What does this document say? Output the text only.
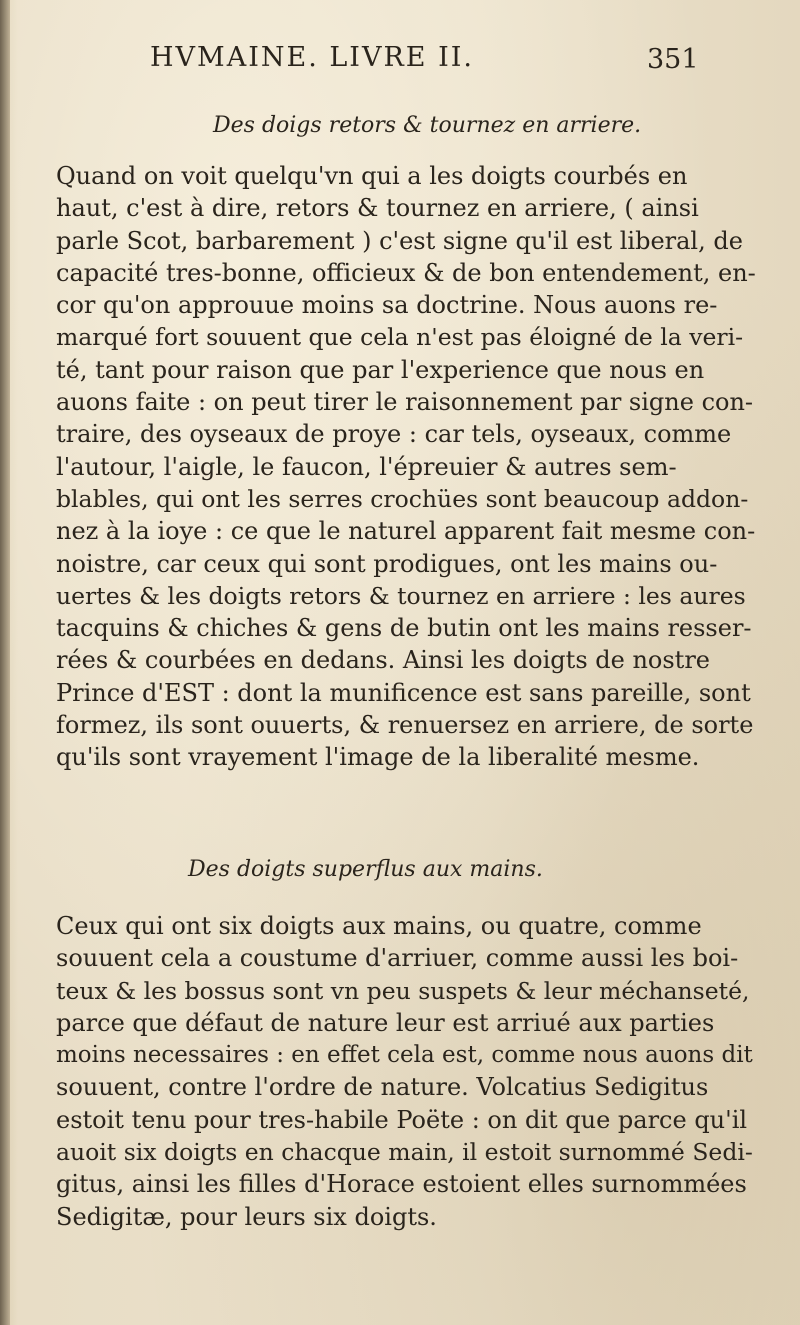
HVMAINE. LIVRE II.	351
Des doigs retors & tournez en arriere.
Quand on voit quelqu'vn qui a les doigts courbés en
haut, c'est à dire, retors & tournez en arriere, ( ainsi
parle Scot, barbarement ) c'est signe qu'il est liberal, de
capacité tres-bonne, officieux & de bon entendement, en-
cor qu'on approuue moins sa doctrine. Nous auons re-
marqué fort souuent que cela n'est pas éloigné de la veri-
té, tant pour raison que par l'experience que nous en
auons faite : on peut tirer le raisonnement par signe con-
traire, des oyseaux de proye : car tels, oyseaux, comme
l'autour, l'aigle, le faucon, l'épreuier & autres sem-
blables, qui ont les serres crochües sont beaucoup addon-
nez à la ioye : ce que le naturel apparent fait mesme con-
noistre, car ceux qui sont prodigues, ont les mains ou-
uertes & les doigts retors & tournez en arriere : les aures
tacquins & chiches & gens de butin ont les mains resser-
rées & courbées en dedans. Ainsi les doigts de nostre
Prince d'EST : dont la munificence est sans pareille, sont
formez, ils sont ouuerts, & renuersez en arriere, de sorte
qu'ils sont vrayement l'image de la liberalité mesme.
Des doigts superflus aux mains.
Ceux qui ont six doigts aux mains, ou quatre, comme
souuent cela a coustume d'arriuer, comme aussi les boi-
teux & les bossus sont vn peu suspets & leur méchanseté,
parce que défaut de nature leur est arriué aux parties
moins necessaires : en effet cela est, comme nous auons dit
souuent, contre l'ordre de nature. Volcatius Sedigitus
estoit tenu pour tres-habile Poëte : on dit que parce qu'il
auoit six doigts en chacque main, il estoit surnommé Sedi-
gitus, ainsi les filles d'Horace estoient elles surnommées
Sedigitæ, pour leurs six doigts.
